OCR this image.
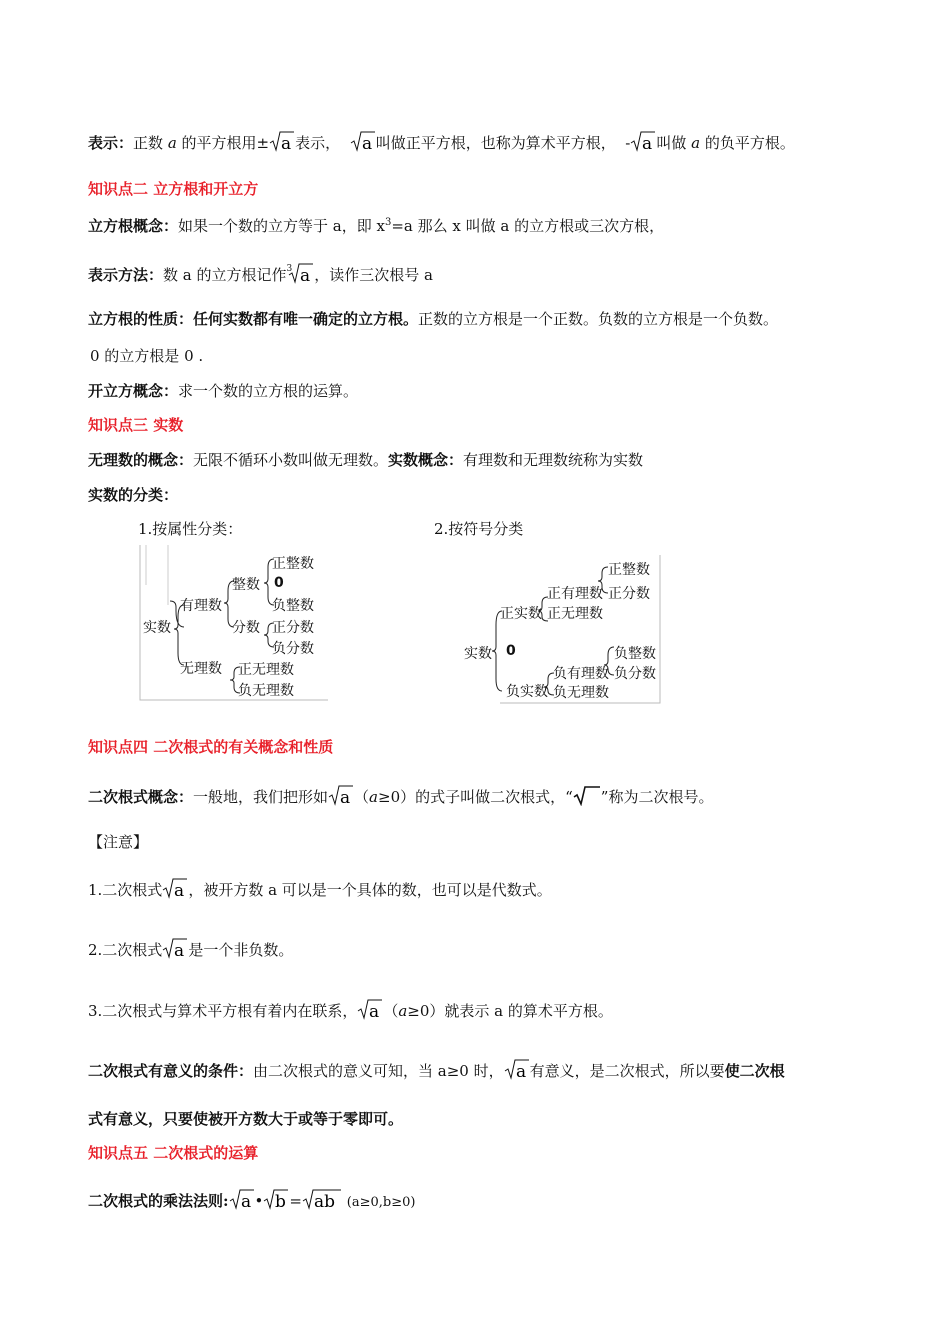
表示：正数 a 的平方根用± a 表示， a 叫做正平方根，也称为算术平方根， - a 叫做 a 的负平方根。
知识点二 立方根和开立方
立方根概念：如果一个数的立方等于 a，即 $x^3=a$ 那么 x 叫做 a 的立方根或三次方根，
表示方法：数 a 的立方根记作$^3$ a ，读作三次根号 a
立方根的性质：任何实数都有唯一确定的立方根。正数的立方根是一个正数。负数的立方根是一个负数。
0 的立方根是 0 .
开立方概念：求一个数的立方根的运算。
知识点三 实数
无理数的概念：无限不循环小数叫做无理数。实数概念：有理数和无理数统称为实数
实数的分类：
1.按属性分类：	2.按符号分类
实数
有理数
整数
正整数
0
负整数
分数 正分数
负分数
无理数 正无理数
负无理数
实数
正实数
正有理数
正整数
正分数
正无理数
0
负实数
负有理数
负整数
负分数
负无理数
知识点四 二次根式的有关概念和性质
二次根式概念：一般地，我们把形如 a （a≥0）的式子叫做二次根式，“ ”称为二次根号。
【注意】
1.二次根式 a ，被开方数 a 可以是一个具体的数，也可以是代数式。
2.二次根式 a 是一个非负数。
3.二次根式与算术平方根有着内在联系， a （a≥0）就表示 a 的算术平方根。
二次根式有意义的条件：由二次根式的意义可知，当 a≥0 时， a 有意义，是二次根式，所以要使二次根
式有意义，只要使被开方数大于或等于零即可。
知识点五 二次根式的运算
二次根式的乘法法则: a • b = ab (a≥0,b≥0)
